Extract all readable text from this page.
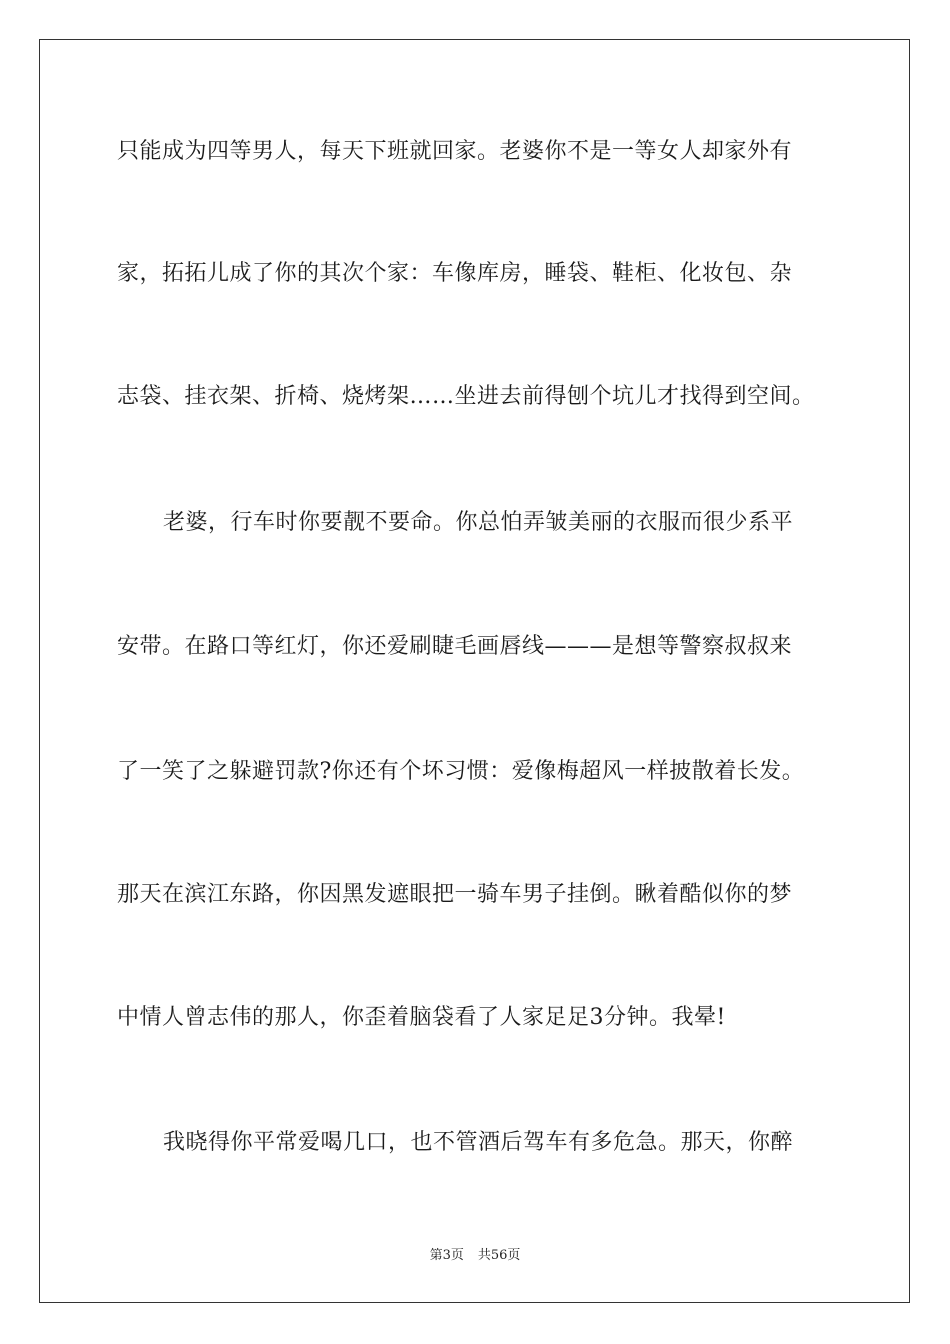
只能成为四等男人，每天下班就回家。老婆你不是一等女人却家外有
家，拓拓儿成了你的其次个家：车像库房，睡袋、鞋柜、化妆包、杂
志袋、挂衣架、折椅、烧烤架……坐进去前得刨个坑儿才找得到空间。
老婆，行车时你要靓不要命。你总怕弄皱美丽的衣服而很少系平
安带。在路口等红灯，你还爱刷睫毛画唇线———是想等警察叔叔来
了一笑了之躲避罚款?你还有个坏习惯：爱像梅超风一样披散着长发。
那天在滨江东路，你因黑发遮眼把一骑车男子挂倒。瞅着酷似你的梦
中情人曾志伟的那人，你歪着脑袋看了人家足足3分钟。我晕!
我晓得你平常爱喝几口，也不管酒后驾车有多危急。那天，你醉
第3页 共56页
